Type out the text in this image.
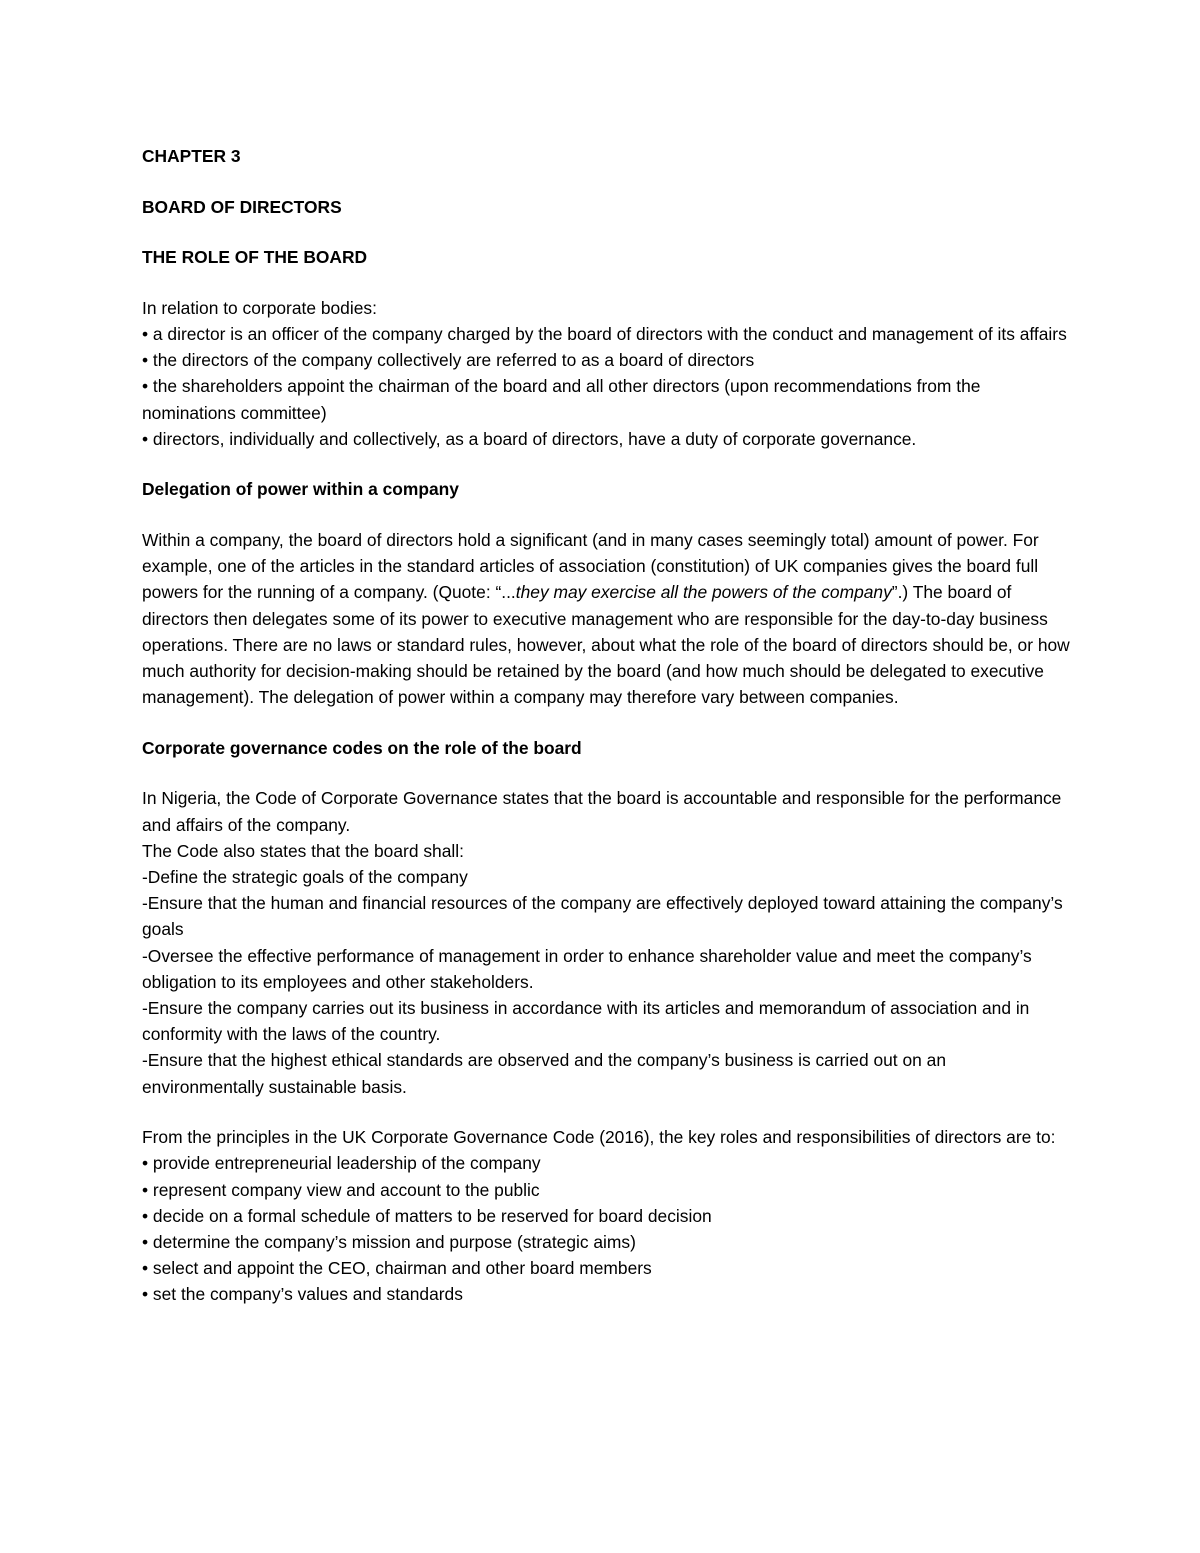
CHAPTER 3

BOARD OF DIRECTORS

THE ROLE OF THE BOARD

In relation to corporate bodies:

• a director is an officer of the company charged by the board of directors with the conduct and management of its affairs

• the directors of the company collectively are referred to as a board of directors

• the shareholders appoint the chairman of the board and all other directors (upon recommendations from the nominations committee)

• directors, individually and collectively, as a board of directors, have a duty of corporate governance.

Delegation of power within a company

Within a company, the board of directors hold a significant (and in many cases seemingly total) amount of power. For example, one of the articles in the standard articles of association (constitution) of UK companies gives the board full powers for the running of a company. (Quote: “...they may exercise all the powers of the company”.) The board of directors then delegates some of its power to executive management who are responsible for the day-to-day business operations. There are no laws or standard rules, however, about what the role of the board of directors should be, or how much authority for decision-making should be retained by the board (and how much should be delegated to executive management). The delegation of power within a company may therefore vary between companies.

Corporate governance codes on the role of the board

In Nigeria, the Code of Corporate Governance states that the board is accountable and responsible for the performance and affairs of the company.

The Code also states that the board shall:

-Define the strategic goals of the company

-Ensure that the human and financial resources of the company are effectively deployed toward attaining the company’s goals

-Oversee the effective performance of management in order to enhance shareholder value and meet the company’s obligation to its employees and other stakeholders.

-Ensure the company carries out its business in accordance with its articles and memorandum of association and in conformity with the laws of the country.

-Ensure that the highest ethical standards are observed and the company’s business is carried out on an environmentally sustainable basis.

From the principles in the UK Corporate Governance Code (2016), the key roles and responsibilities of directors are to:

• provide entrepreneurial leadership of the company

• represent company view and account to the public

• decide on a formal schedule of matters to be reserved for board decision

• determine the company’s mission and purpose (strategic aims)

• select and appoint the CEO, chairman and other board members

• set the company’s values and standards
